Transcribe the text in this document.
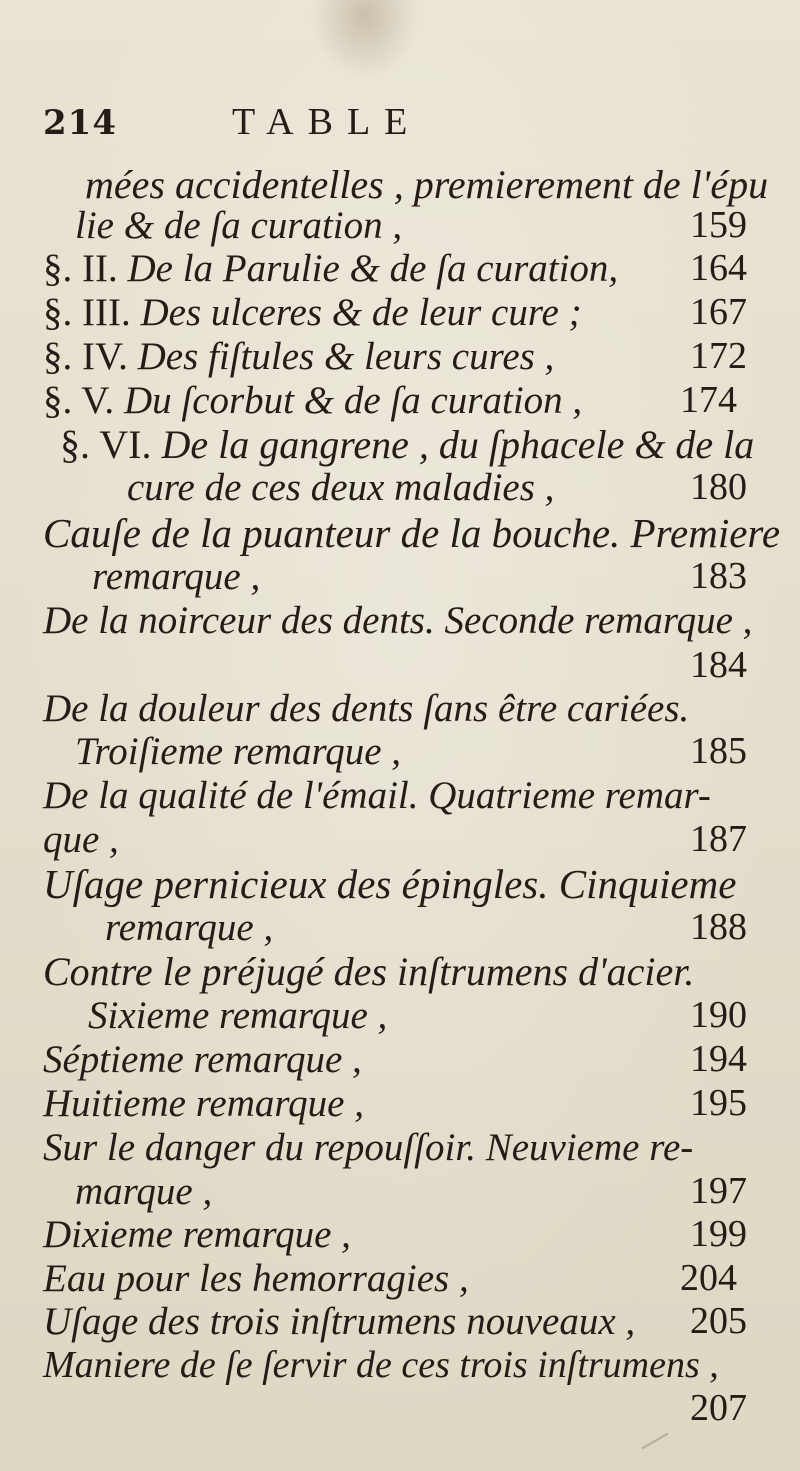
214	TABLE
mées accidentelles , premierement de l'épu
lie & de ſa curation ,	159
§. II. De la Parulie & de ſa curation, 164
§. III. Des ulceres & de leur cure ;	167
§. IV. Des fiſtules & leurs cures ,	172
§. V. Du ſcorbut & de ſa curation ,	174
§. VI. De la gangrene , du ſphacele & de la
cure de ces deux maladies ,	180
Cauſe de la puanteur de la bouche. Premiere
remarque ,	183
De la noirceur des dents. Seconde remarque ,
184
De la douleur des dents ſans être cariées.
Troiſieme remarque ,	185
De la qualité de l'émail. Quatrieme remar-
que ,	187
Uſage pernicieux des épingles. Cinquieme
remarque ,	188
Contre le préjugé des inſtrumens d'acier.
Sixieme remarque ,	190
Séptieme remarque ,	194
Huitieme remarque ,	195
Sur le danger du repouſſoir. Neuvieme re-
marque ,	197
Dixieme remarque ,	199
Eau pour les hemorragies ,	204
Uſage des trois inſtrumens nouveaux , 205
Maniere de ſe ſervir de ces trois inſtrumens ,
207
